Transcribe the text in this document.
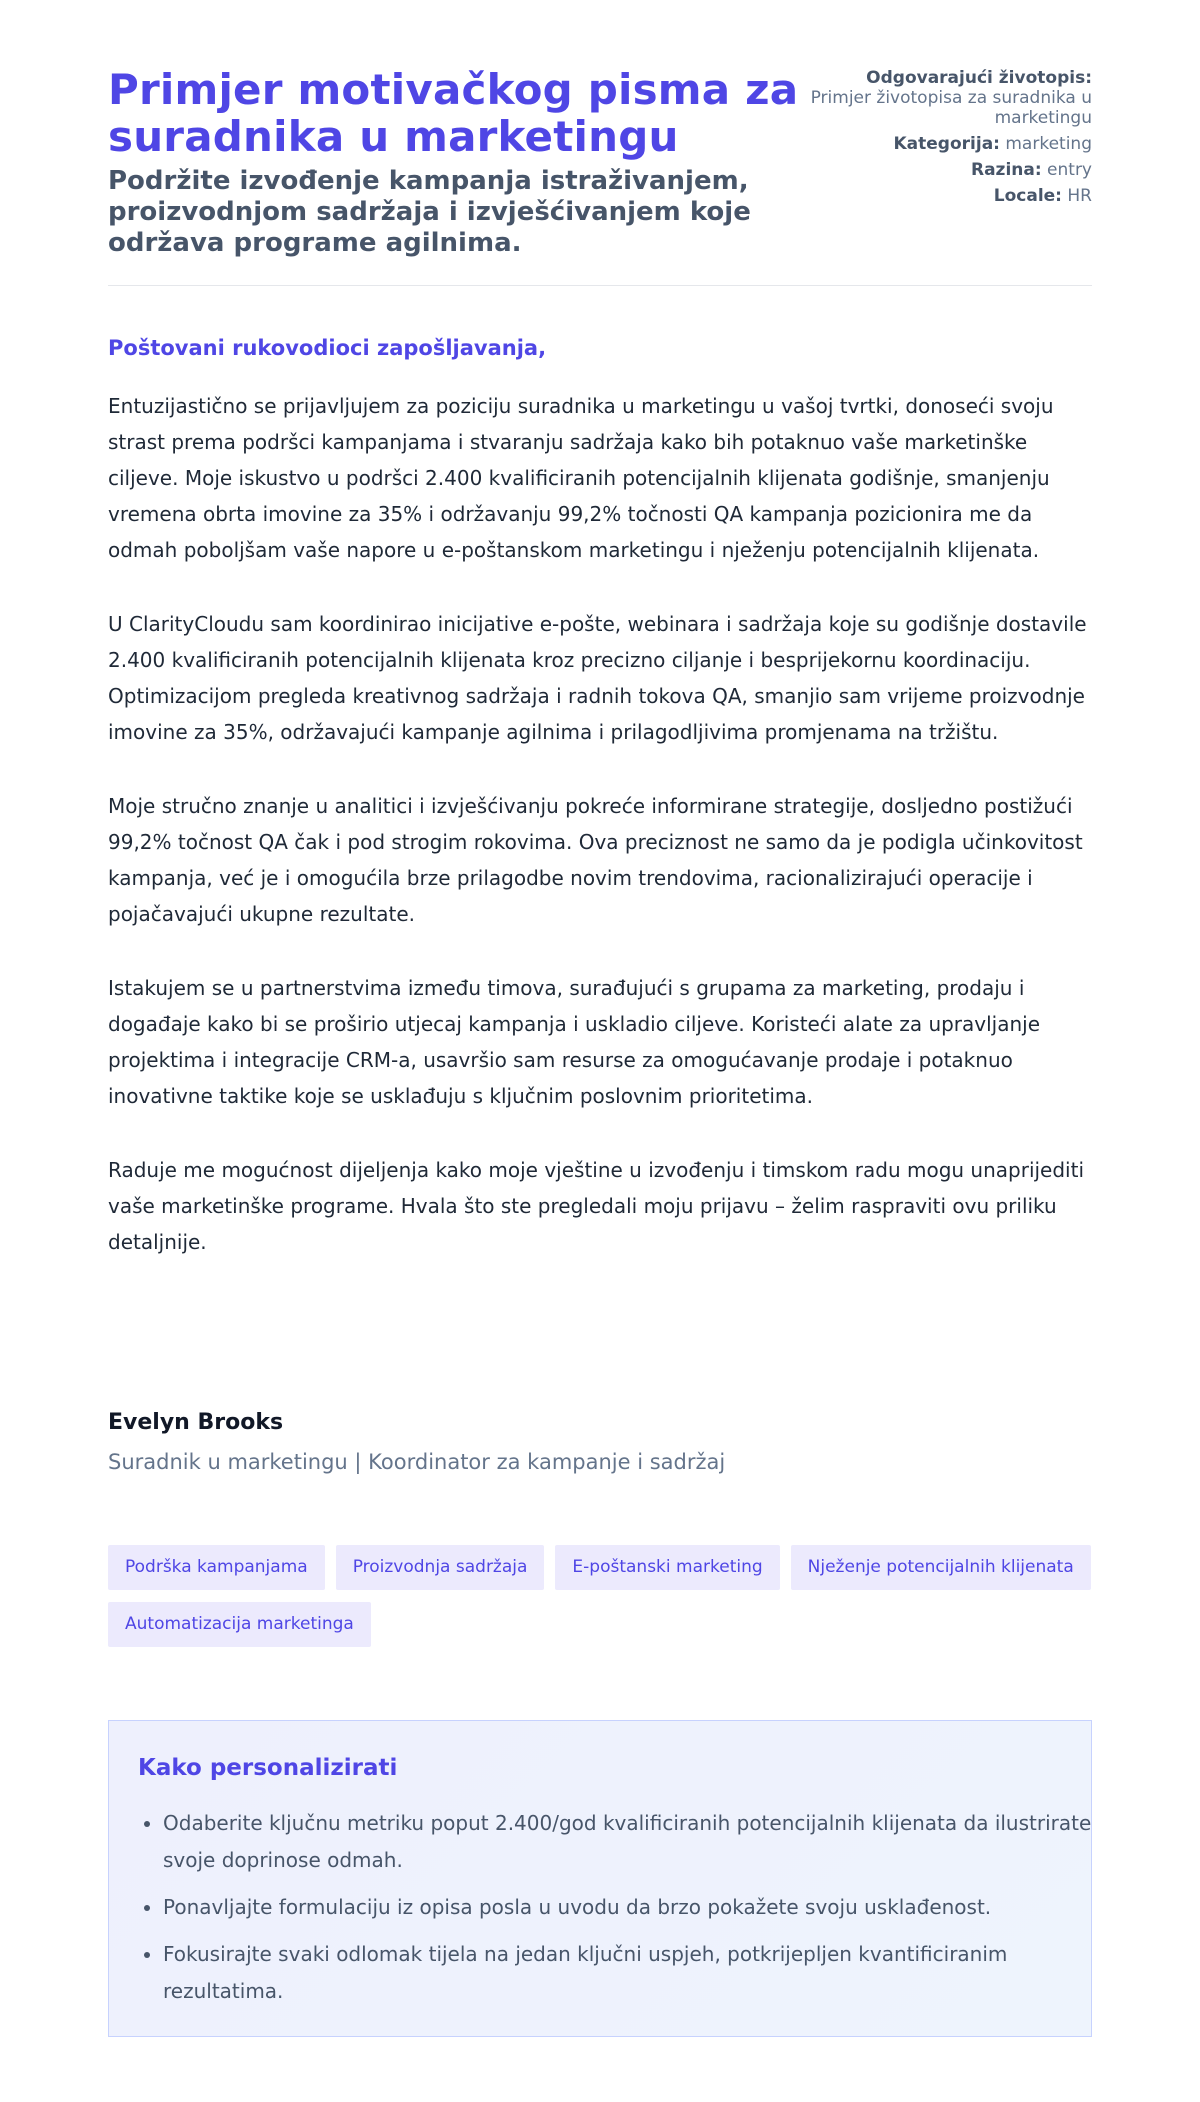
Primjer motivačkog pisma za suradnika u marketingu

Podržite izvođenje kampanja istraživanjem, proizvodnjom sadržaja i izvješćivanjem koje održava programe agilnima.

Odgovarajući životopis:
Primjer životopisa za suradnika u marketingu
Kategorija: marketing
Razina: entry
Locale: HR
Poštovani rukovodioci zapošljavanja,

Entuzijastično se prijavljujem za poziciju suradnika u marketingu u vašoj tvrtki, donoseći svoju strast prema podršci kampanjama i stvaranju sadržaja kako bih potaknuo vaše marketinške ciljeve. Moje iskustvo u podršci 2.400 kvalificiranih potencijalnih klijenata godišnje, smanjenju vremena obrta imovine za 35% i održavanju 99,2% točnosti QA kampanja pozicionira me da odmah poboljšam vaše napore u e-poštanskom marketingu i nježenju potencijalnih klijenata.

U ClarityCloudu sam koordinirao inicijative e-pošte, webinara i sadržaja koje su godišnje dostavile 2.400 kvalificiranih potencijalnih klijenata kroz precizno ciljanje i besprijekornu koordinaciju. Optimizacijom pregleda kreativnog sadržaja i radnih tokova QA, smanjio sam vrijeme proizvodnje imovine za 35%, održavajući kampanje agilnima i prilagodljivima promjenama na tržištu.

Moje stručno znanje u analitici i izvješćivanju pokreće informirane strategije, dosljedno postižući 99,2% točnost QA čak i pod strogim rokovima. Ova preciznost ne samo da je podigla učinkovitost kampanja, već je i omogućila brze prilagodbe novim trendovima, racionalizirajući operacije i pojačavajući ukupne rezultate.

Istakujem se u partnerstvima između timova, surađujući s grupama za marketing, prodaju i događaje kako bi se proširio utjecaj kampanja i uskladio ciljeve. Koristeći alate za upravljanje projektima i integracije CRM-a, usavršio sam resurse za omogućavanje prodaje i potaknuo inovativne taktike koje se usklađuju s ključnim poslovnim prioritetima.

Raduje me mogućnost dijeljenja kako moje vještine u izvođenju i timskom radu mogu unaprijediti vaše marketinške programe. Hvala što ste pregledali moju prijavu – želim raspraviti ovu priliku detaljnije.

Evelyn Brooks
Suradnik u marketingu | Koordinator za kampanje i sadržaj
Podrška kampanjama	Proizvodnja sadržaja	E-poštanski marketing	Nježenje potencijalnih klijenata
Automatizacija marketinga
Kako personalizirati
• Odaberite ključnu metriku poput 2.400/god kvalificiranih potencijalnih klijenata da ilustrirate svoje doprinose odmah.
• Ponavljajte formulaciju iz opisa posla u uvodu da brzo pokažete svoju usklađenost.
• Fokusirajte svaki odlomak tijela na jedan ključni uspjeh, potkrijepljen kvantificiranim rezultatima.
